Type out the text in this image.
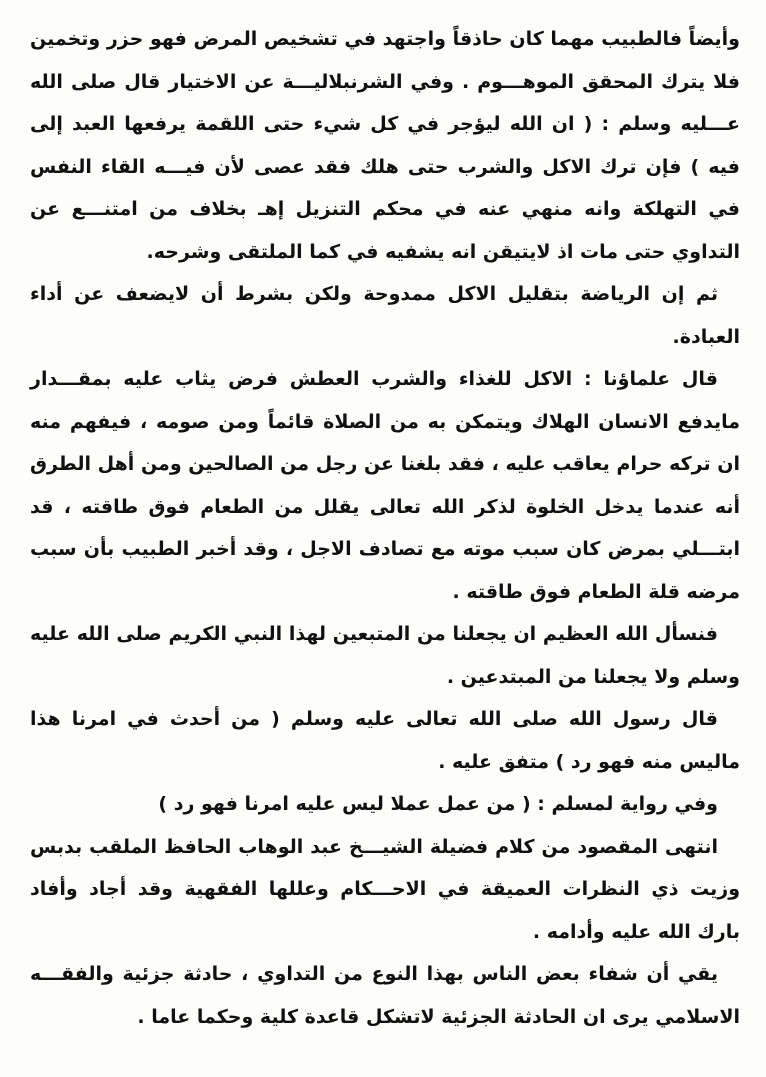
وأيضاً فالطبيب مهما كان حاذقاً واجتهد في تشخيص المرض فهو حزر وتخمين فلا يترك المحقق الموهـــوم . وفي الشرنبلاليـــة عن الاختيار قال صلى الله عـــليه وسلم : ( ان الله ليؤجر في كل شيء حتى اللقمة يرفعها العبد إلى فيه ) فإن ترك الاكل والشرب حتى هلك فقد عصى لأن فيـــه القاء النفس في التهلكة وانه منهي عنه في محكم التنزيل إهـ بخلاف من امتنـــع عن التداوي حتى مات اذ لايتيقن انه يشفيه في كما الملتقى وشرحه.

ثم إن الرياضة بتقليل الاكل ممدوحة ولكن بشرط أن لايضعف عن أداء العبادة.

قال علماؤنا : الاكل للغذاء والشرب العطش فرض يثاب عليه بمقـــدار مايدفع الانسان الهلاك ويتمكن به من الصلاة قائماً ومن صومه ، فيفهم منه ان تركه حرام يعاقب عليه ، فقد بلغنا عن رجل من الصالحين ومن أهل الطرق أنه عندما يدخل الخلوة لذكر الله تعالى يقلل من الطعام فوق طاقته ، قد ابتـــلي بمرض كان سبب موته مع تصادف الاجل ، وقد أخبر الطبيب بأن سبب مرضه قلة الطعام فوق طاقته .

فنسأل الله العظيم ان يجعلنا من المتبعين لهذا النبي الكريم صلى الله عليه وسلم ولا يجعلنا من المبتدعين .

قال رسول الله صلى الله تعالى عليه وسلم ( من أحدث في امرنا هذا ماليس منه فهو رد ) متفق عليه .

وفي رواية لمسلم : ( من عمل عملا ليس عليه امرنا فهو رد )

انتهى المقصود من كلام فضيلة الشيـــخ عبد الوهاب الحافظ الملقب بدبس وزيت ذي النظرات العميقة في الاحـــكام وعللها الفقهية وقد أجاد وأفاد بارك الله عليه وأدامه .

يقي أن شفاء بعض الناس بهذا النوع من التداوي ، حادثة جزئية والفقـــه الاسلامي يرى ان الحادثة الجزئية لاتشكل قاعدة كلية وحكما عاما .
